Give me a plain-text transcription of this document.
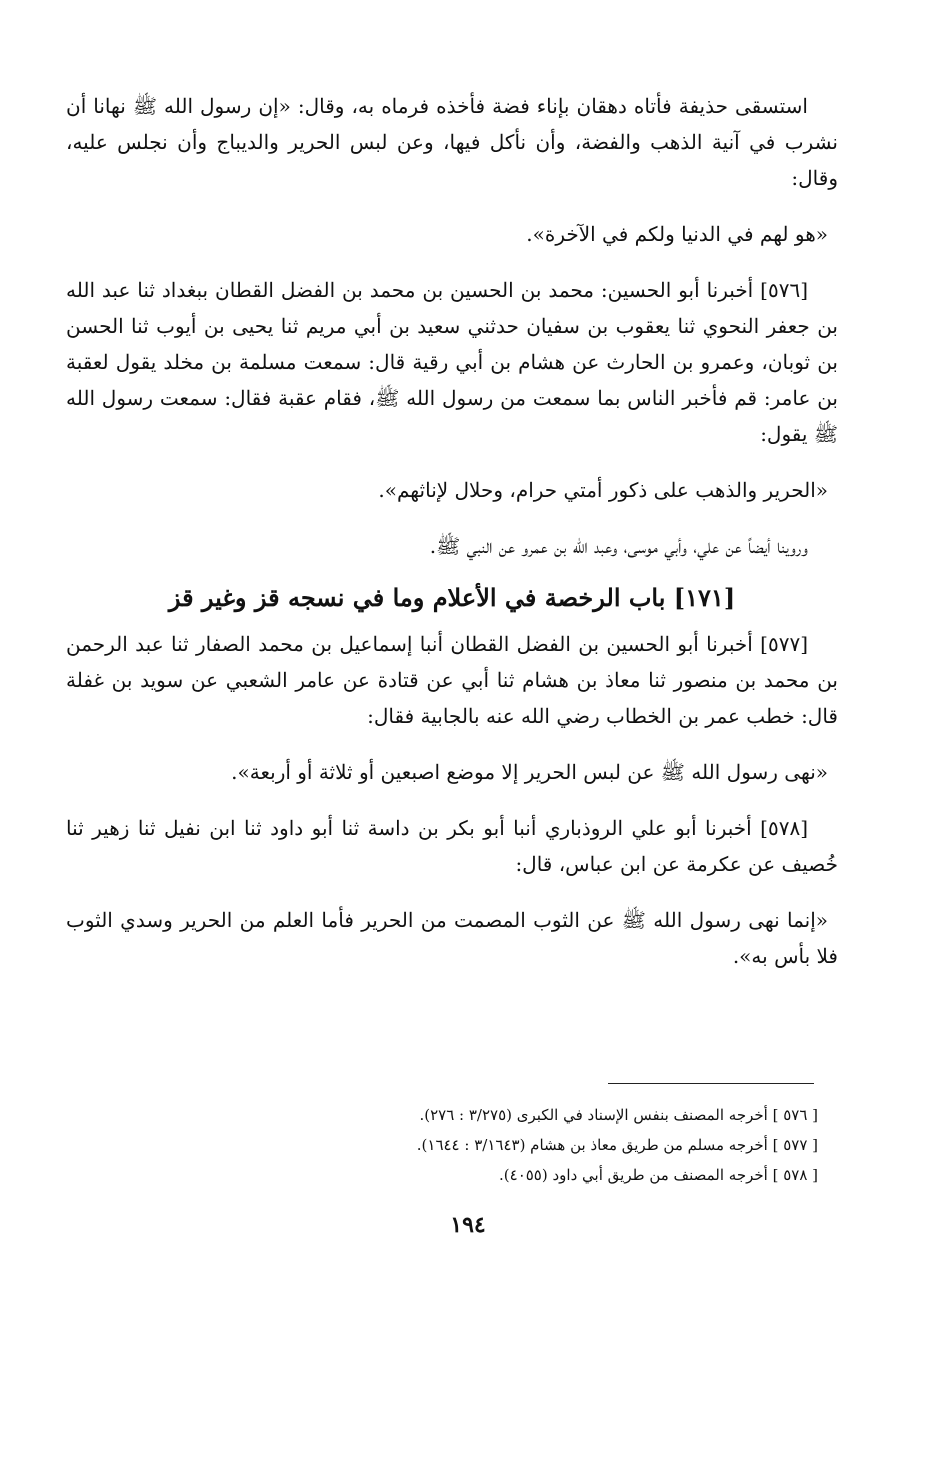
استسقى حذيفة فأتاه دهقان بإناء فضة فأخذه فرماه به، وقال: «إن رسول الله ﷺ نهانا أن نشرب في آنية الذهب والفضة، وأن نأكل فيها، وعن لبس الحرير والديباج وأن نجلس عليه، وقال:

«هو لهم في الدنيا ولكم في الآخرة».

[٥٧٦] أخبرنا أبو الحسين: محمد بن الحسين بن محمد بن الفضل القطان ببغداد ثنا عبد الله بن جعفر النحوي ثنا يعقوب بن سفيان حدثني سعيد بن أبي مريم ثنا يحيى بن أيوب ثنا الحسن بن ثوبان، وعمرو بن الحارث عن هشام بن أبي رقية قال: سمعت مسلمة بن مخلد يقول لعقبة بن عامر: قم فأخبر الناس بما سمعت من رسول الله ﷺ، فقام عقبة فقال: سمعت رسول الله ﷺ يقول:

«الحرير والذهب على ذكور أمتي حرام، وحلال لإناثهم».

وروينا أيضاً عن علي، وأبي موسى، وعبد الله بن عمرو عن النبي ﷺ.

[١٧١] باب الرخصة في الأعلام وما في نسجه قز وغير قز

[٥٧٧] أخبرنا أبو الحسين بن الفضل القطان أنبا إسماعيل بن محمد الصفار ثنا عبد الرحمن بن محمد بن منصور ثنا معاذ بن هشام ثنا أبي عن قتادة عن عامر الشعبي عن سويد بن غفلة قال: خطب عمر بن الخطاب رضي الله عنه بالجابية فقال:

«نهى رسول الله ﷺ عن لبس الحرير إلا موضع اصبعين أو ثلاثة أو أربعة».

[٥٧٨] أخبرنا أبو علي الروذباري أنبا أبو بكر بن داسة ثنا أبو داود ثنا ابن نفيل ثنا زهير ثنا خُصيف عن عكرمة عن ابن عباس، قال:

«إنما نهى رسول الله ﷺ عن الثوب المصمت من الحرير فأما العلم من الحرير وسدي الثوب فلا بأس به».

[ ٥٧٦ ] أخرجه المصنف بنفس الإسناد في الكبرى (٣/٢٧٥ : ٢٧٦).
[ ٥٧٧ ] أخرجه مسلم من طريق معاذ بن هشام (٣/١٦٤٣ : ١٦٤٤).
[ ٥٧٨ ] أخرجه المصنف من طريق أبي داود (٤٠٥٥).
١٩٤
